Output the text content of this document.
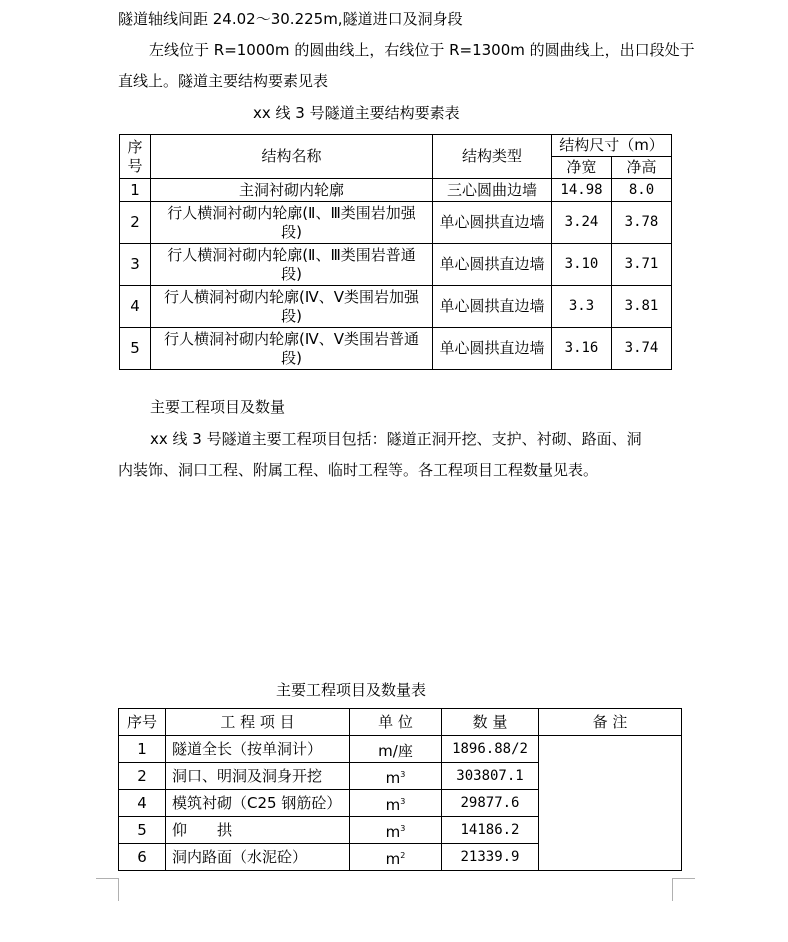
隧道轴线间距 24.02～30.225m,隧道进口及洞身段

左线位于 R=1000m 的圆曲线上，右线位于 R=1300m 的圆曲线上，出口段处于

直线上。隧道主要结构要素见表

xx 线 3 号隧道主要结构要素表

序
号	结构名称	结构类型	结构尺寸（m）	
			净宽	净高
1	主洞衬砌内轮廓	三心圆曲边墙	14.98	8.0
2	行人横洞衬砌内轮廓(Ⅱ、Ⅲ类围岩加强段)	单心圆拱直边墙	3.24	3.78
3	行人横洞衬砌内轮廓(Ⅱ、Ⅲ类围岩普通段)	单心圆拱直边墙	3.10	3.71
4	行人横洞衬砌内轮廓(Ⅳ、Ⅴ类围岩加强段)	单心圆拱直边墙	3.3	3.81
5	行人横洞衬砌内轮廓(Ⅳ、Ⅴ类围岩普通段)	单心圆拱直边墙	3.16	3.74

主要工程项目及数量

xx 线 3 号隧道主要工程项目包括：隧道正洞开挖、支护、衬砌、路面、洞

内装饰、洞口工程、附属工程、临时工程等。各工程项目工程数量见表。

主要工程项目及数量表

序号	工 程 项 目	单 位	数 量	备 注
1	隧道全长（按单洞计）	m/座	1896.88/2	
2	洞口、明洞及洞身开挖	$m^3$	303807.1	
4	模筑衬砌（C25 钢筋砼）	$m^3$	29877.6	
5	仰　　拱	$m^3$	14186.2	
6	洞内路面（水泥砼）	$m^2$	21339.9	
